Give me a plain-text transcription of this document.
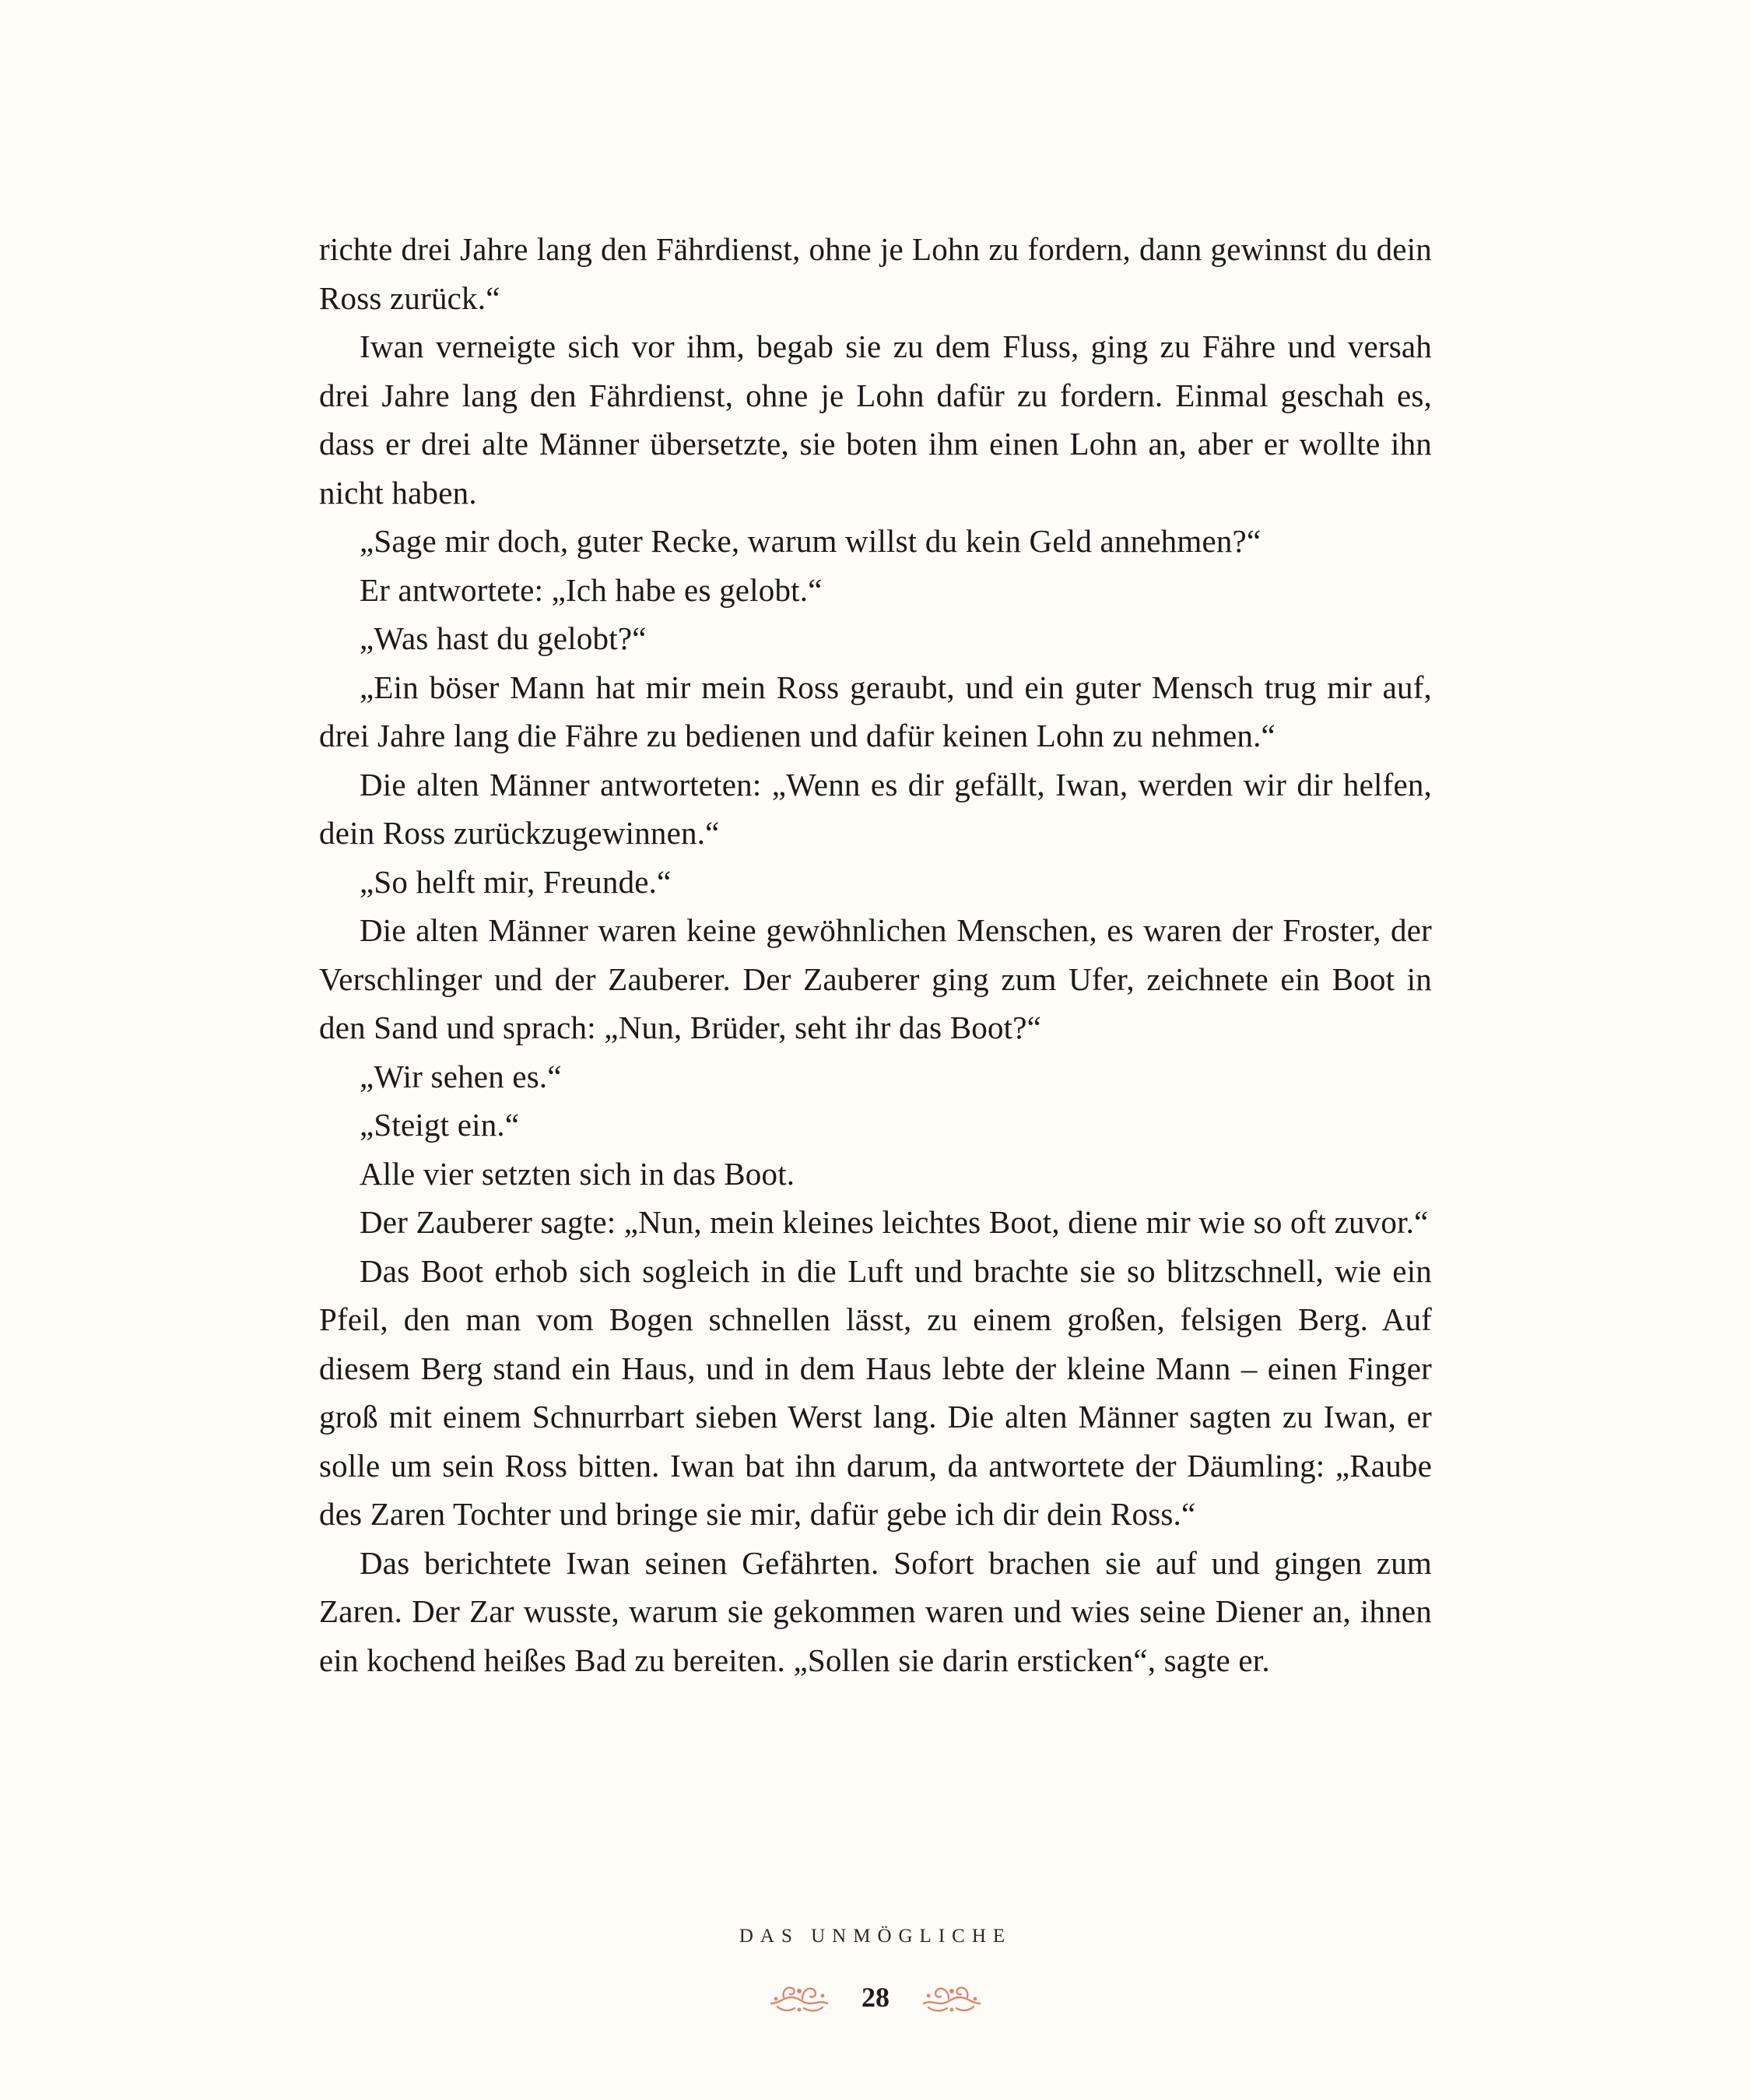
richte drei Jahre lang den Fährdienst, ohne je Lohn zu fordern, dann gewinnst du dein Ross zurück.“

Iwan verneigte sich vor ihm, begab sie zu dem Fluss, ging zu Fähre und versah drei Jahre lang den Fährdienst, ohne je Lohn dafür zu fordern. Einmal geschah es, dass er drei alte Männer übersetzte, sie boten ihm einen Lohn an, aber er wollte ihn nicht haben.

„Sage mir doch, guter Recke, warum willst du kein Geld annehmen?“

Er antwortete: „Ich habe es gelobt.“

„Was hast du gelobt?“

„Ein böser Mann hat mir mein Ross geraubt, und ein guter Mensch trug mir auf, drei Jahre lang die Fähre zu bedienen und dafür keinen Lohn zu nehmen.“

Die alten Männer antworteten: „Wenn es dir gefällt, Iwan, werden wir dir helfen, dein Ross zurückzugewinnen.“

„So helft mir, Freunde.“

Die alten Männer waren keine gewöhnlichen Menschen, es waren der Froster, der Verschlinger und der Zauberer. Der Zauberer ging zum Ufer, zeichnete ein Boot in den Sand und sprach: „Nun, Brüder, seht ihr das Boot?“

„Wir sehen es.“

„Steigt ein.“

Alle vier setzten sich in das Boot.

Der Zauberer sagte: „Nun, mein kleines leichtes Boot, diene mir wie so oft zuvor.“

Das Boot erhob sich sogleich in die Luft und brachte sie so blitzschnell, wie ein Pfeil, den man vom Bogen schnellen lässt, zu einem großen, felsigen Berg. Auf diesem Berg stand ein Haus, und in dem Haus lebte der kleine Mann – einen Finger groß mit einem Schnurrbart sieben Werst lang. Die alten Männer sagten zu Iwan, er solle um sein Ross bitten. Iwan bat ihn darum, da antwortete der Däumling: „Raube des Zaren Tochter und bringe sie mir, dafür gebe ich dir dein Ross.“

Das berichtete Iwan seinen Gefährten. Sofort brachen sie auf und gingen zum Zaren. Der Zar wusste, warum sie gekommen waren und wies seine Diener an, ihnen ein kochend heißes Bad zu bereiten. „Sollen sie darin ersticken“, sagte er.

DAS UNMÖGLICHE
28
